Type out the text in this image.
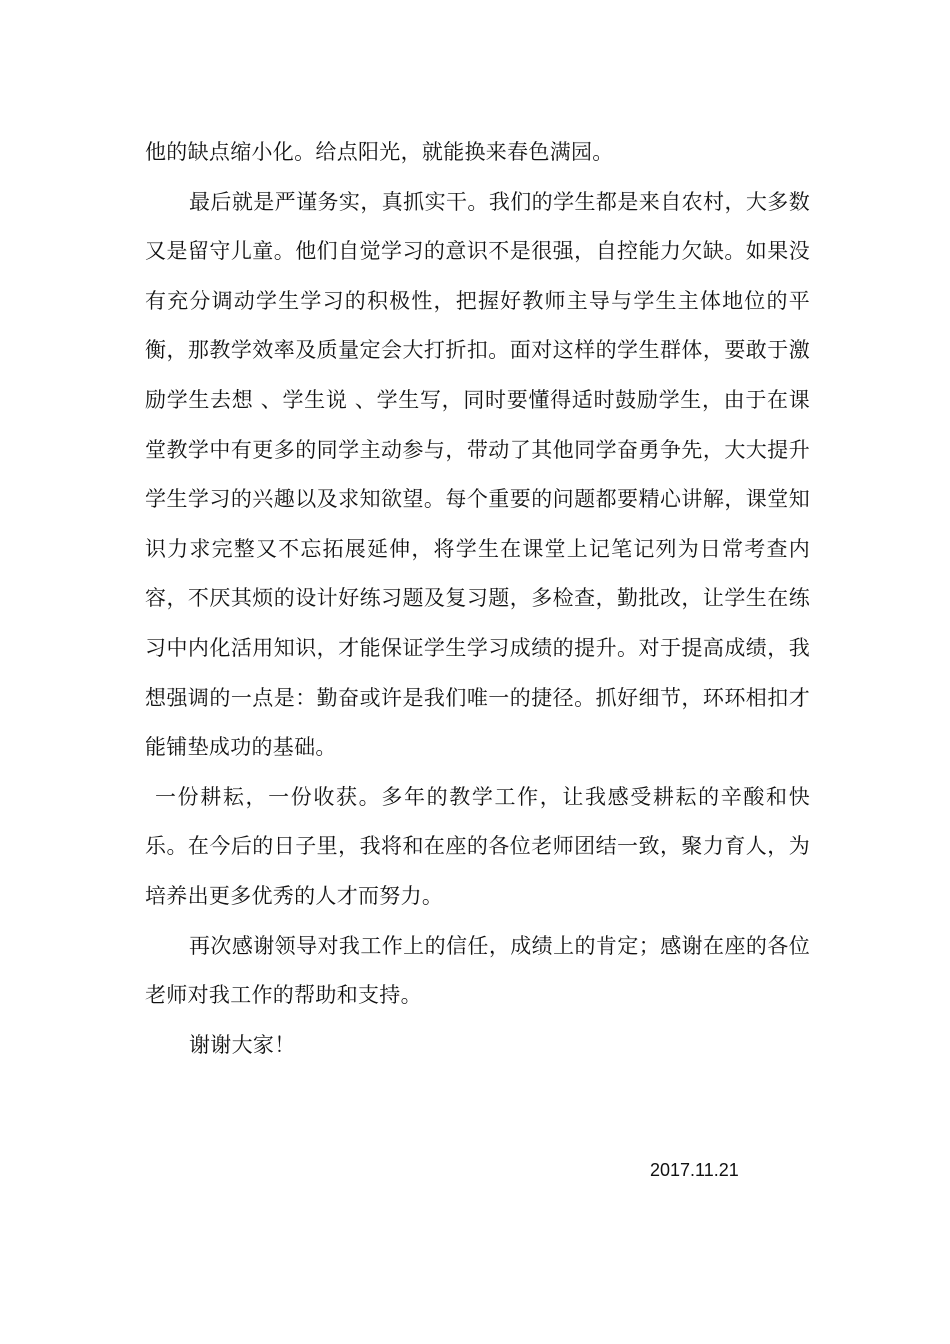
他的缺点缩小化。给点阳光，就能换来春色满园。

最后就是严谨务实，真抓实干。我们的学生都是来自农村，大多数又是留守儿童。他们自觉学习的意识不是很强，自控能力欠缺。如果没有充分调动学生学习的积极性，把握好教师主导与学生主体地位的平衡，那教学效率及质量定会大打折扣。面对这样的学生群体，要敢于激励学生去想 、学生说 、学生写，同时要懂得适时鼓励学生，由于在课堂教学中有更多的同学主动参与，带动了其他同学奋勇争先，大大提升学生学习的兴趣以及求知欲望。每个重要的问题都要精心讲解，课堂知识力求完整又不忘拓展延伸，将学生在课堂上记笔记列为日常考查内容，不厌其烦的设计好练习题及复习题，多检查，勤批改，让学生在练习中内化活用知识，才能保证学生学习成绩的提升。对于提高成绩，我想强调的一点是：勤奋或许是我们唯一的捷径。抓好细节，环环相扣才能铺垫成功的基础。

一份耕耘，一份收获。多年的教学工作，让我感受耕耘的辛酸和快乐。在今后的日子里，我将和在座的各位老师团结一致，聚力育人，为培养出更多优秀的人才而努力。

再次感谢领导对我工作上的信任，成绩上的肯定；感谢在座的各位老师对我工作的帮助和支持。

谢谢大家！

2017.11.21
